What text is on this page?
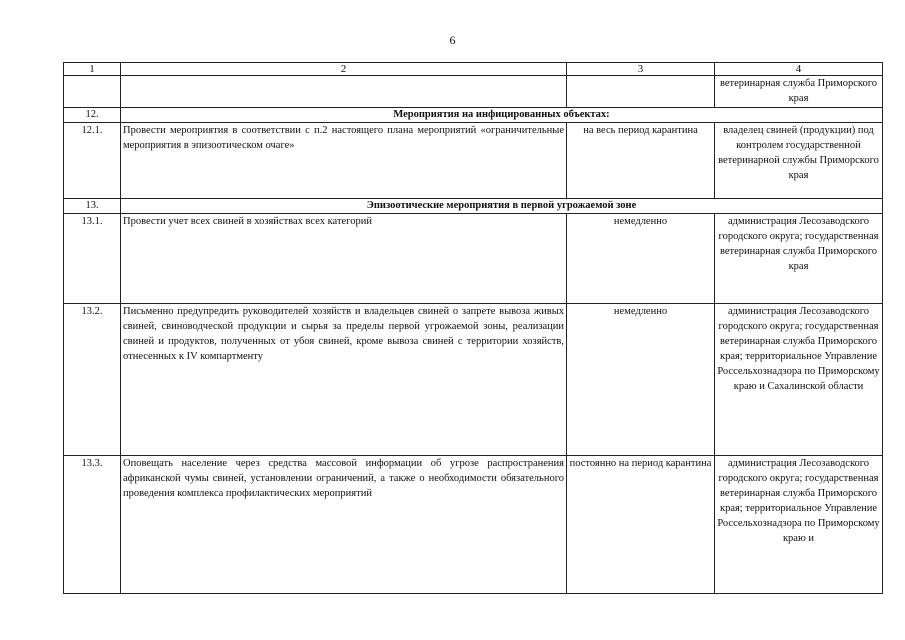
6
1	2	3	4
			ветеринарная служба Приморского края
12.	Мероприятия на инфицированных объектах:		
12.1.	Провести мероприятия в соответствии с п.2 настоящего плана мероприятий «ограничительные мероприятия в эпизоотическом очаге»	на весь период карантина	владелец свиней (продукции) под контролем государственной ветеринарной службы Приморского края
13.	Эпизоотические мероприятия в первой угрожаемой зоне		
13.1.	Провести учет всех свиней в хозяйствах всех категорий	немедленно	администрация Лесозаводского городского округа; государственная ветеринарная служба Приморского края
13.2.	Письменно предупредить руководителей хозяйств и владельцев свиней о запрете вывоза живых свиней, свиноводческой продукции и сырья за пределы первой угрожаемой зоны, реализации свиней и продуктов, полученных от убоя свиней, кроме вывоза свиней с территории хозяйств, отнесенных к IV компартменту	немедленно	администрация Лесозаводского городского округа; государственная ветеринарная служба Приморского края; территориальное Управление Россельхознадзора по Приморскому краю и Сахалинской области
13.3.	Оповещать население через средства массовой информации об угрозе распространения африканской чумы свиней, установлении ограничений, а также о необходимости обязательного проведения комплекса профилактических мероприятий	постоянно на период карантина	администрация Лесозаводского городского округа; государственная ветеринарная служба Приморского края; территориальное Управление Россельхознадзора по Приморскому краю и
